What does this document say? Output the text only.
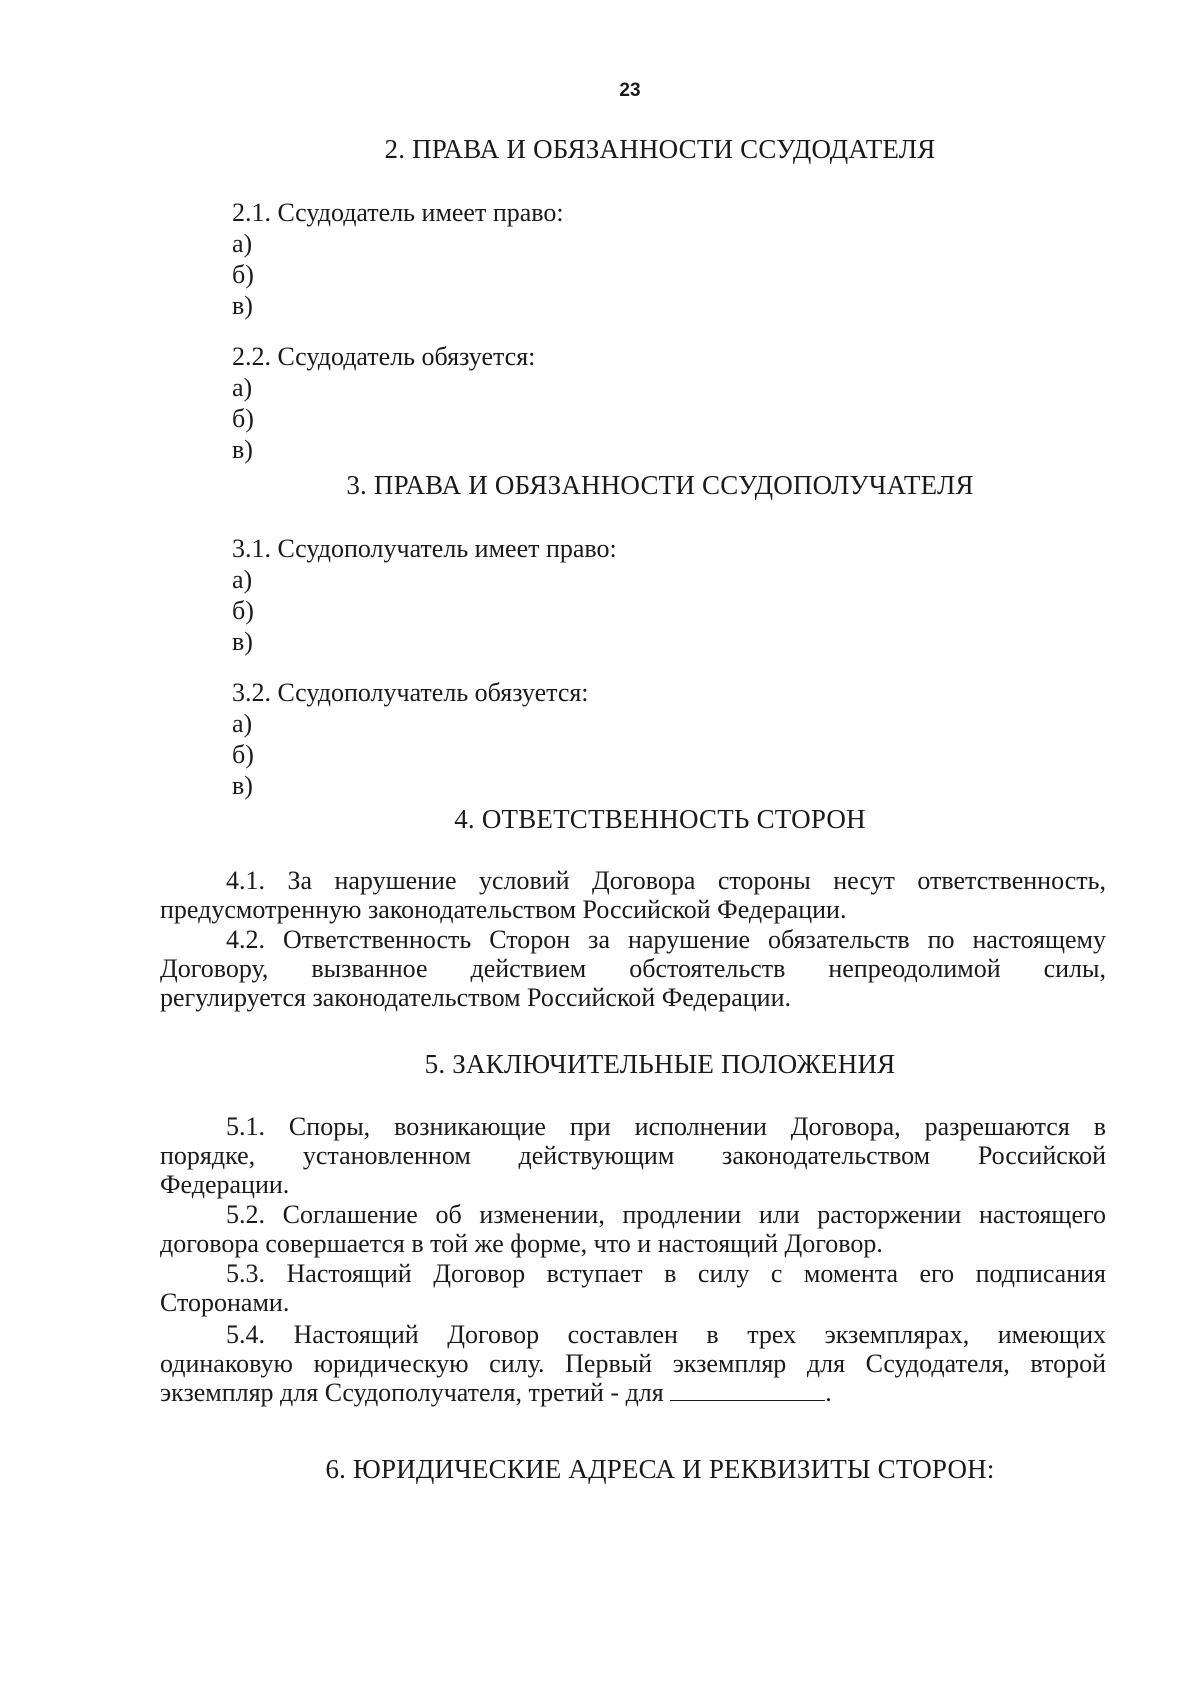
23
2. ПРАВА И ОБЯЗАННОСТИ ССУДОДАТЕЛЯ
2.1. Ссудодатель имеет право:
а)
б)
в)
2.2. Ссудодатель обязуется:
а)
б)
в)
3. ПРАВА И ОБЯЗАННОСТИ ССУДОПОЛУЧАТЕЛЯ
3.1. Ссудополучатель имеет право:
а)
б)
в)
3.2. Ссудополучатель обязуется:
а)
б)
в)
4. ОТВЕТСТВЕННОСТЬ СТОРОН
4.1. За нарушение условий Договора стороны несут ответственность,
предусмотренную законодательством Российской Федерации.
4.2. Ответственность Сторон за нарушение обязательств по настоящему
Договору, вызванное действием обстоятельств непреодолимой силы,
регулируется законодательством Российской Федерации.
5. ЗАКЛЮЧИТЕЛЬНЫЕ ПОЛОЖЕНИЯ
5.1. Споры, возникающие при исполнении Договора, разрешаются в
порядке, установленном действующим законодательством Российской
Федерации.
5.2. Соглашение об изменении, продлении или расторжении настоящего
договора совершается в той же форме, что и настоящий Договор.
5.3. Настоящий Договор вступает в силу с момента его подписания
Сторонами.
5.4. Настоящий Договор составлен в трех экземплярах, имеющих
одинаковую юридическую силу. Первый экземпляр для Ссудодателя, второй
экземпляр для Ссудополучателя, третий - для	.
6. ЮРИДИЧЕСКИЕ АДРЕСА И РЕКВИЗИТЫ СТОРОН:
